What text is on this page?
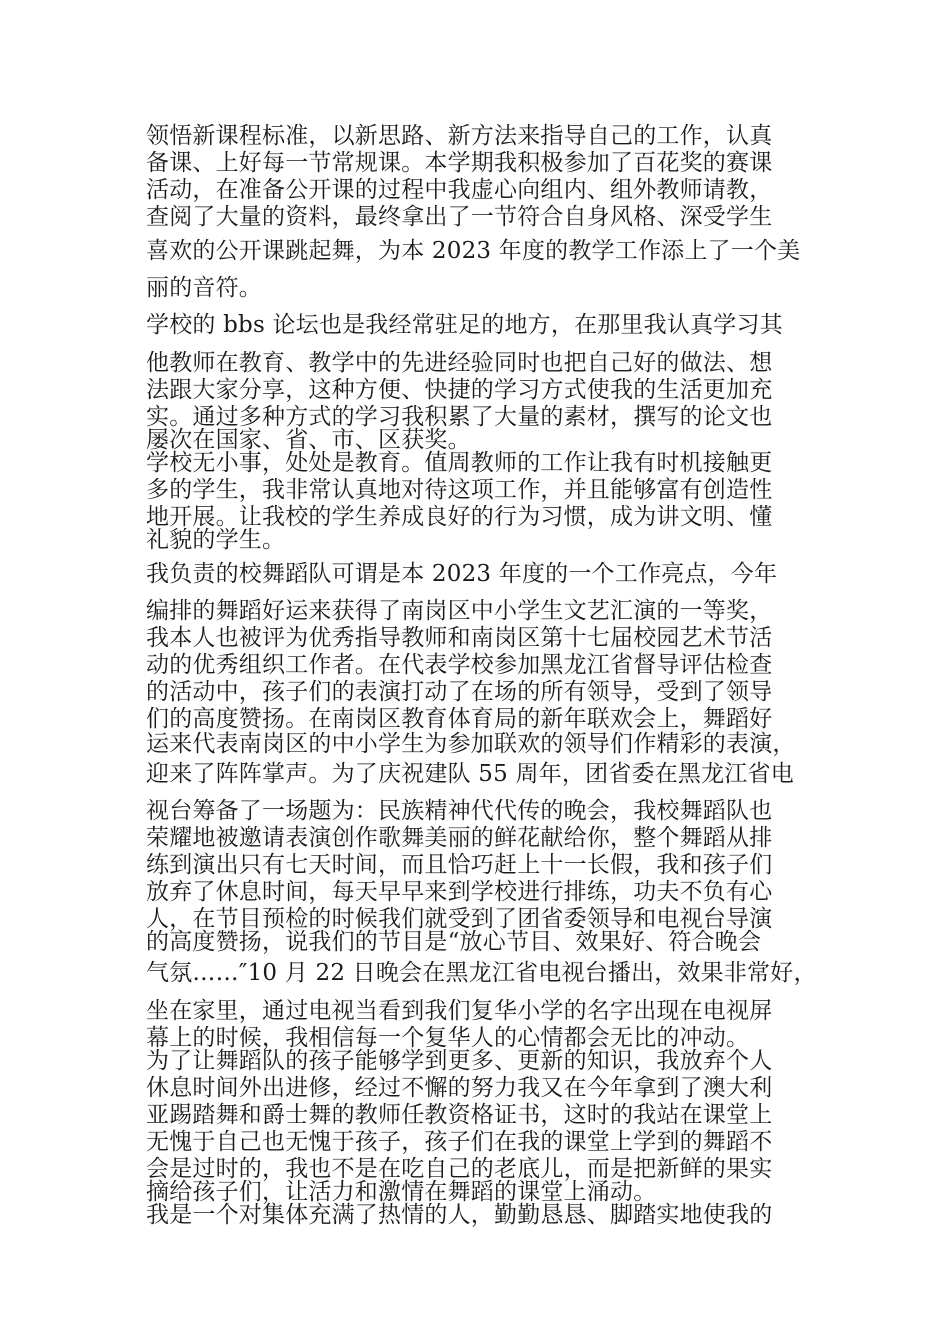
领悟新课程标准，以新思路、新方法来指导自己的工作，认真
备课、上好每一节常规课。本学期我积极参加了百花奖的赛课
活动，在准备公开课的过程中我虚心向组内、组外教师请教，
查阅了大量的资料，最终拿出了一节符合自身风格、深受学生
喜欢的公开课跳起舞，为本 2023 年度的教学工作添上了一个美
丽的音符。
学校的 bbs 论坛也是我经常驻足的地方，在那里我认真学习其
他教师在教育、教学中的先进经验同时也把自己好的做法、想
法跟大家分享，这种方便、快捷的学习方式使我的生活更加充
实。通过多种方式的学习我积累了大量的素材，撰写的论文也
屡次在国家、省、市、区获奖。
学校无小事，处处是教育。值周教师的工作让我有时机接触更
多的学生，我非常认真地对待这项工作，并且能够富有创造性
地开展。让我校的学生养成良好的行为习惯，成为讲文明、懂
礼貌的学生。
我负责的校舞蹈队可谓是本 2023 年度的一个工作亮点，今年
编排的舞蹈好运来获得了南岗区中小学生文艺汇演的一等奖，
我本人也被评为优秀指导教师和南岗区第十七届校园艺术节活
动的优秀组织工作者。在代表学校参加黑龙江省督导评估检查
的活动中，孩子们的表演打动了在场的所有领导，受到了领导
们的高度赞扬。在南岗区教育体育局的新年联欢会上，舞蹈好
运来代表南岗区的中小学生为参加联欢的领导们作精彩的表演，
迎来了阵阵掌声。为了庆祝建队 55 周年，团省委在黑龙江省电
视台筹备了一场题为：民族精神代代传的晚会，我校舞蹈队也
荣耀地被邀请表演创作歌舞美丽的鲜花献给你，整个舞蹈从排
练到演出只有七天时间，而且恰巧赶上十一长假，我和孩子们
放弃了休息时间，每天早早来到学校进行排练，功夫不负有心
人，在节目预检的时候我们就受到了团省委领导和电视台导演
的高度赞扬，说我们的节目是“放心节目、效果好、符合晚会
气氛……″10 月 22 日晚会在黑龙江省电视台播出，效果非常好，
坐在家里，通过电视当看到我们复华小学的名字出现在电视屏
幕上的时候，我相信每一个复华人的心情都会无比的冲动。
为了让舞蹈队的孩子能够学到更多、更新的知识，我放弃个人
休息时间外出进修，经过不懈的努力我又在今年拿到了澳大利
亚踢踏舞和爵士舞的教师任教资格证书，这时的我站在课堂上
无愧于自己也无愧于孩子，孩子们在我的课堂上学到的舞蹈不
会是过时的，我也不是在吃自己的老底儿，而是把新鲜的果实
摘给孩子们，让活力和激情在舞蹈的课堂上涌动。
我是一个对集体充满了热情的人，勤勤恳恳、脚踏实地使我的
